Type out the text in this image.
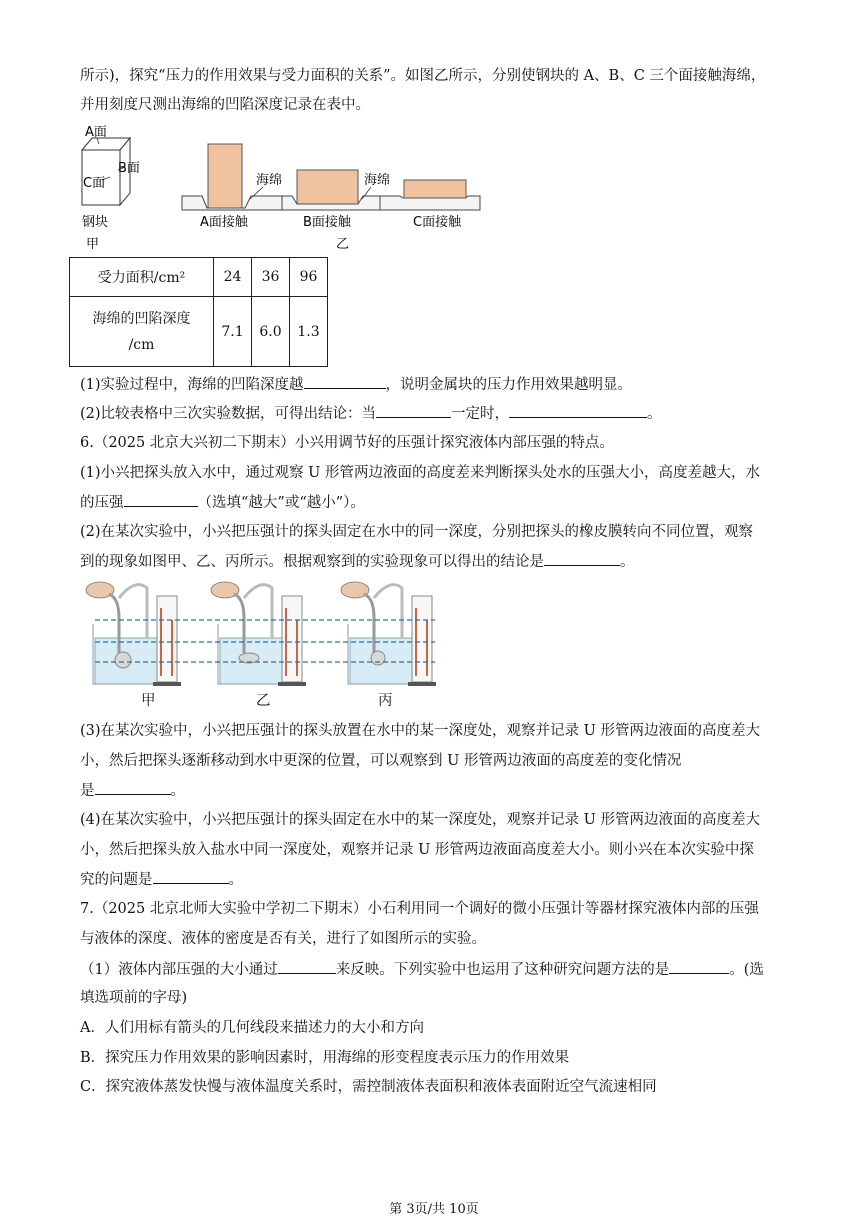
所示)，探究“压力的作用效果与受力面积的关系”。如图乙所示，分别使钢块的 A、B、C 三个面接触海绵，
并用刻度尺测出海绵的凹陷深度记录在表中。
A面
B面
C面
钢块
甲
海绵	海绵
A面接触	B面接触	C面接触
乙
受力面积/cm²	24	36	96
海绵的凹陷深度
/cm	7.1	6.0	1.3
(1)实验过程中，海绵的凹陷深度越	，说明金属块的压力作用效果越明显。
(2)比较表格中三次实验数据，可得出结论：当	一定时，	。
6.（2025 北京大兴初二下期末）小兴用调节好的压强计探究液体内部压强的特点。
(1)小兴把探头放入水中，通过观察 U 形管两边液面的高度差来判断探头处水的压强大小，高度差越大，水
的压强	（选填“越大”或“越小”）。
(2)在某次实验中，小兴把压强计的探头固定在水中的同一深度，分别把探头的橡皮膜转向不同位置，观察
到的现象如图甲、乙、丙所示。根据观察到的实验现象可以得出的结论是	。
甲	乙	丙
(3)在某次实验中，小兴把压强计的探头放置在水中的某一深度处，观察并记录 U 形管两边液面的高度差大
小，然后把探头逐渐移动到水中更深的位置，可以观察到 U 形管两边液面的高度差的变化情况
是	。
(4)在某次实验中，小兴把压强计的探头固定在水中的某一深度处，观察并记录 U 形管两边液面的高度差大
小，然后把探头放入盐水中同一深度处，观察并记录 U 形管两边液面高度差大小。则小兴在本次实验中探
究的问题是	。
7.（2025 北京北师大实验中学初二下期末）小石利用同一个调好的微小压强计等器材探究液体内部的压强
与液体的深度、液体的密度是否有关，进行了如图所示的实验。
（1）液体内部压强的大小通过	来反映。下列实验中也运用了这种研究问题方法的是	。(选
填选项前的字母)
A．人们用标有箭头的几何线段来描述力的大小和方向
B．探究压力作用效果的影响因素时，用海绵的形变程度表示压力的作用效果
C．探究液体蒸发快慢与液体温度关系时，需控制液体表面积和液体表面附近空气流速相同
第 3页/共 10页
